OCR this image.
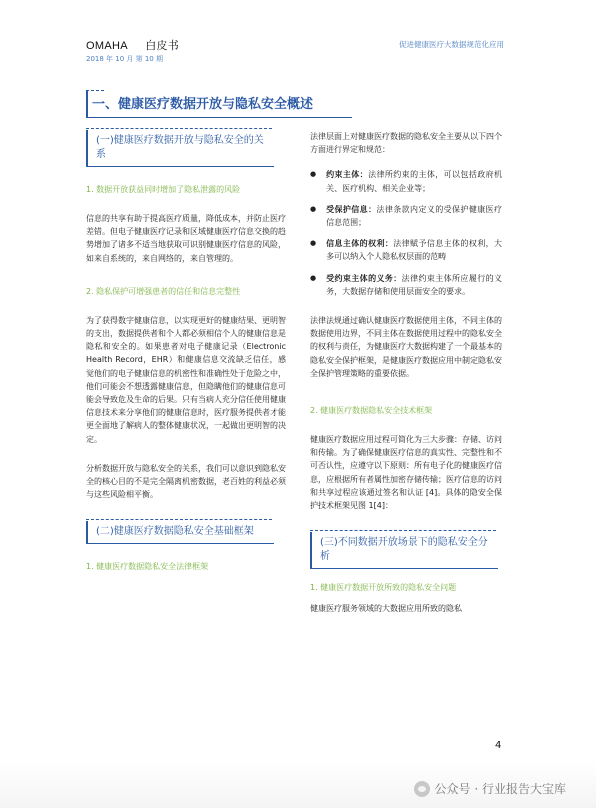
OMAHA 白皮书
2018 年 10 月 第 10 期
促进健康医疗大数据规范化应用
一、健康医疗数据开放与隐私安全概述
(一)健康医疗数据开放与隐私安全的关系
1. 数据开放获益同时增加了隐私泄露的风险
信息的共享有助于提高医疗质量，降低成本，并防止医疗差错。但电子健康医疗记录和区域健康医疗信息交换的趋势增加了诸多不适当地获取可识别健康医疗信息的风险，如来自系统的，来自网络的，来自管理的。
2. 隐私保护可增强患者的信任和信息完整性
为了获得数字健康信息，以实现更好的健康结果、更明智的支出，数据提供者和个人都必须相信个人的健康信息是隐私和安全的。如果患者对电子健康记录（Electronic Health Record，EHR）和健康信息交流缺乏信任，感觉他们的电子健康信息的机密性和准确性处于危险之中，他们可能会不想透露健康信息，但隐瞒他们的健康信息可能会导致危及生命的后果。只有当病人充分信任使用健康信息技术来分享他们的健康信息时，医疗服务提供者才能更全面地了解病人的整体健康状况，一起做出更明智的决定。
分析数据开放与隐私安全的关系，我们可以意识到隐私安全的核心目的不是完全隔离机密数据，老百姓的利益必须与这些风险相平衡。
(二)健康医疗数据隐私安全基础框架
1. 健康医疗数据隐私安全法律框架
法律层面上对健康医疗数据的隐私安全主要从以下四个方面进行界定和规范：
● 约束主体：法律所约束的主体，可以包括政府机关、医疗机构、相关企业等；
● 受保护信息：法律条款内定义的受保护健康医疗信息范围；
● 信息主体的权利：法律赋予信息主体的权利，大多可以纳入个人隐私权层面的范畴
● 受约束主体的义务：法律约束主体所应履行的义务，大数据存储和使用层面安全的要求。
法律法规通过确认健康医疗数据使用主体，不同主体的数据使用边界，不同主体在数据使用过程中的隐私安全的权利与责任，为健康医疗大数据构建了一个最基本的隐私安全保护框架，是健康医疗数据应用中制定隐私安全保护管理策略的重要依据。
2. 健康医疗数据隐私安全技术框架
健康医疗数据应用过程可简化为三大步骤：存储、访问和传输。为了确保健康医疗信息的真实性、完整性和不可否认性，应遵守以下原则：所有电子化的健康医疗信息，应根据所有者属性加密存储传输；医疗信息的访问和共享过程应该通过签名和认证 [4]。具体的隐安全保护技术框架见图 1[4]：
(三)不同数据开放场景下的隐私安全分析
1. 健康医疗数据开放所致的隐私安全问题
健康医疗服务领域的大数据应用所致的隐私
4
公众号 · 行业报告大宝库
